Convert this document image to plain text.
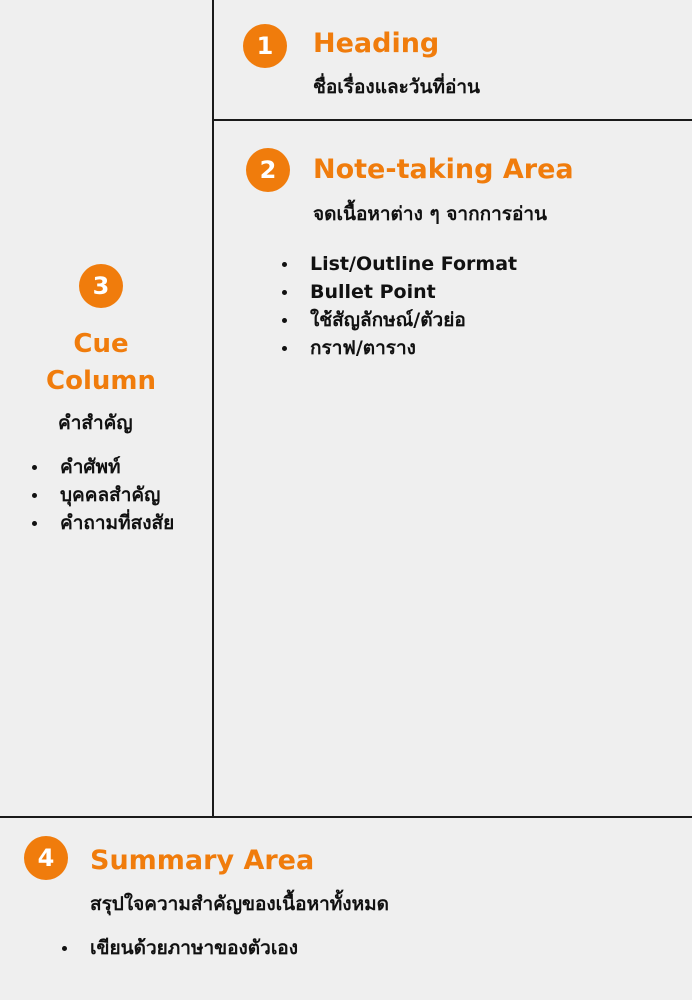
1	Heading
ชื่อเรื่องและวันที่อ่าน
2	Note-taking Area
จดเนื้อหาต่าง ๆ จากการอ่าน
List/Outline Format
Bullet Point
ใช้สัญลักษณ์/ตัวย่อ
กราฟ/ตาราง
3
Cue
Column
คำสำคัญ
คำศัพท์
บุคคลสำคัญ
คำถามที่สงสัย
4	Summary Area
สรุปใจความสำคัญของเนื้อหาทั้งหมด
เขียนด้วยภาษาของตัวเอง
